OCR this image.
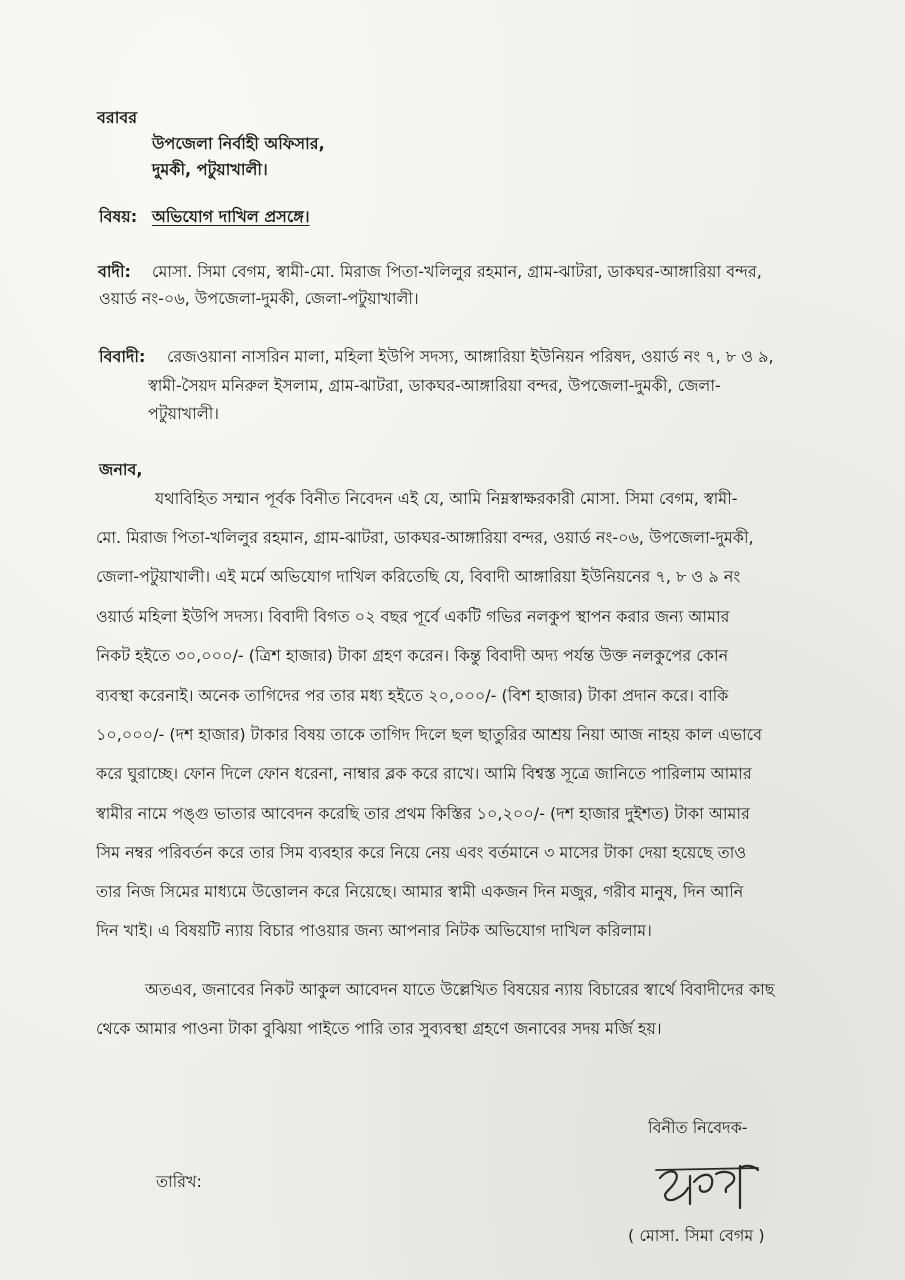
বরাবর
উপজেলা নির্বাহী অফিসার,
দুমকী, পটুয়াখালী।
বিষয়: অভিযোগ দাখিল প্রসঙ্গে।
বাদী: মোসা. সিমা বেগম, স্বামী-মো. মিরাজ পিতা-খলিলুর রহমান, গ্রাম-ঝাটরা, ডাকঘর-আঙ্গারিয়া বন্দর,
ওয়ার্ড নং-০৬, উপজেলা-দুমকী, জেলা-পটুয়াখালী।
বিবাদী: রেজওয়ানা নাসরিন মালা, মহিলা ইউপি সদস্য, আঙ্গারিয়া ইউনিয়ন পরিষদ, ওয়ার্ড নং ৭, ৮ ও ৯,
স্বামী-সৈয়দ মনিরুল ইসলাম, গ্রাম-ঝাটরা, ডাকঘর-আঙ্গারিয়া বন্দর, উপজেলা-দুমকী, জেলা-
পটুয়াখালী।
জনাব,
যথাবিহিত সম্মান পূর্বক বিনীত নিবেদন এই যে, আমি নিম্নস্বাক্ষরকারী মোসা. সিমা বেগম, স্বামী-
মো. মিরাজ পিতা-খলিলুর রহমান, গ্রাম-ঝাটরা, ডাকঘর-আঙ্গারিয়া বন্দর, ওয়ার্ড নং-০৬, উপজেলা-দুমকী,
জেলা-পটুয়াখালী। এই মর্মে অভিযোগ দাখিল করিতেছি যে, বিবাদী আঙ্গারিয়া ইউনিয়নের ৭, ৮ ও ৯ নং
ওয়ার্ড মহিলা ইউপি সদস্য। বিবাদী বিগত ০২ বছর পূর্বে একটি গভির নলকুপ স্থাপন করার জন্য আমার
নিকট হইতে ৩০,০০০/- (ত্রিশ হাজার) টাকা গ্রহণ করেন। কিন্তু বিবাদী অদ্য পর্যন্ত উক্ত নলকুপের কোন
ব্যবস্থা করেনাই। অনেক তাগিদের পর তার মধ্য হইতে ২০,০০০/- (বিশ হাজার) টাকা প্রদান করে। বাকি
১০,০০০/- (দশ হাজার) টাকার বিষয় তাকে তাগিদ দিলে ছল ছাতুরির আশ্রয় নিয়া আজ নাহয় কাল এভাবে
করে ঘুরাচ্ছে। ফোন দিলে ফোন ধরেনা, নাম্বার ব্লক করে রাখে। আমি বিশ্বস্ত সূত্রে জানিতে পারিলাম আমার
স্বামীর নামে পঙ্গু ভাতার আবেদন করেছি তার প্রথম কিস্তির ১০,২০০/- (দশ হাজার দুইশত) টাকা আমার
সিম নম্বর পরিবর্তন করে তার সিম ব্যবহার করে নিয়ে নেয় এবং বর্তমানে ৩ মাসের টাকা দেয়া হয়েছে তাও
তার নিজ সিমের মাধ্যমে উত্তোলন করে নিয়েছে। আমার স্বামী একজন দিন মজুর, গরীব মানুষ, দিন আনি
দিন খাই। এ বিষয়টি ন্যায় বিচার পাওয়ার জন্য আপনার নিটক অভিযোগ দাখিল করিলাম।
অতএব, জনাবের নিকট আকুল আবেদন যাতে উল্লেখিত বিষয়ের ন্যায় বিচারের স্বার্থে বিবাদীদের কাছ
থেকে আমার পাওনা টাকা বুঝিয়া পাইতে পারি তার সুব্যবস্থা গ্রহণে জনাবের সদয় মর্জি হয়।
বিনীত নিবেদক-
তারিখ:
( মোসা. সিমা বেগম )
